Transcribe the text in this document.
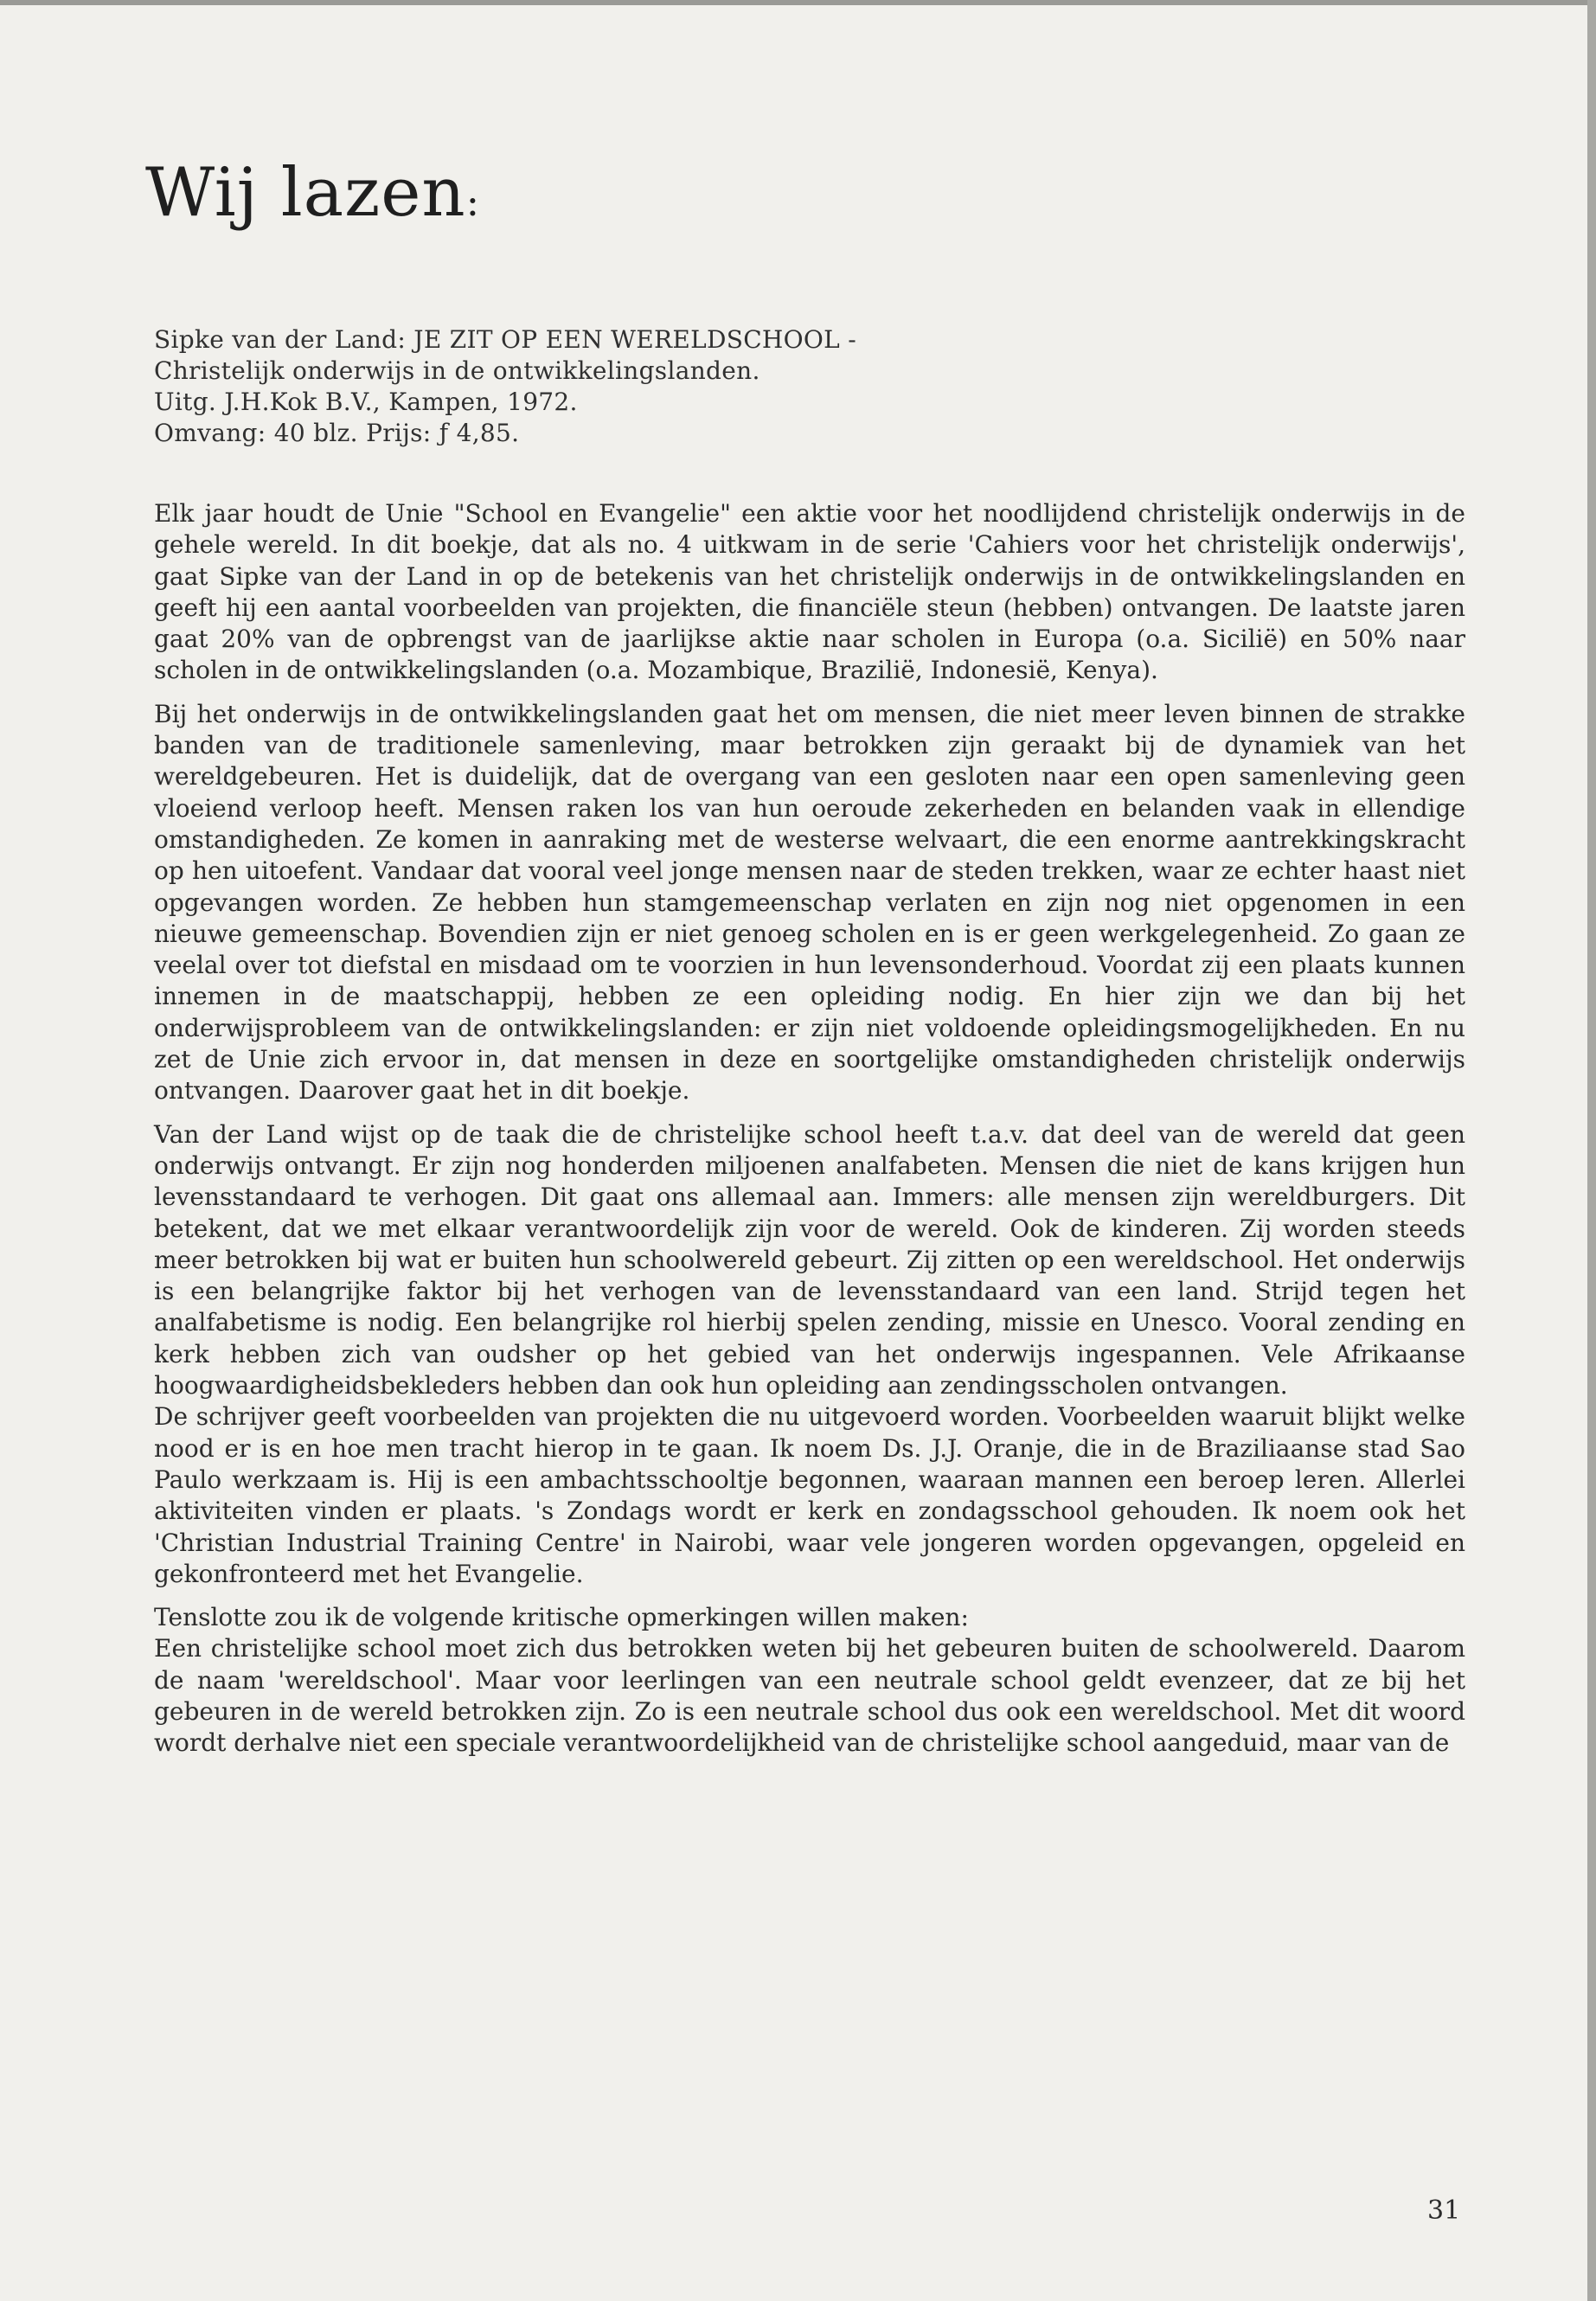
Wij lazen:
Sipke van der Land: JE ZIT OP EEN WERELDSCHOOL -
Christelijk onderwijs in de ontwikkelingslanden.
Uitg. J.H.Kok B.V., Kampen, 1972.
Omvang: 40 blz. Prijs: ƒ 4,85.

Elk jaar houdt de Unie "School en Evangelie" een aktie voor het noodlijdend christelijk onderwijs in de gehele wereld. In dit boekje, dat als no. 4 uitkwam in de serie 'Cahiers voor het christelijk onderwijs', gaat Sipke van der Land in op de betekenis van het christelijk onderwijs in de ontwikkelingslanden en geeft hij een aantal voorbeelden van projekten, die financiële steun (hebben) ontvangen. De laatste jaren gaat 20% van de opbrengst van de jaarlijkse aktie naar scholen in Europa (o.a. Sicilië) en 50% naar scholen in de ontwikkelingslanden (o.a. Mozambique, Brazilië, Indonesië, Kenya).

Bij het onderwijs in de ontwikkelingslanden gaat het om mensen, die niet meer leven binnen de strakke banden van de traditionele samenleving, maar betrokken zijn geraakt bij de dynamiek van het wereldgebeuren. Het is duidelijk, dat de overgang van een gesloten naar een open samenleving geen vloeiend verloop heeft. Mensen raken los van hun oeroude zekerheden en belanden vaak in ellendige omstandigheden. Ze komen in aanraking met de westerse welvaart, die een enorme aantrekkingskracht op hen uitoefent. Vandaar dat vooral veel jonge mensen naar de steden trekken, waar ze echter haast niet opgevangen worden. Ze hebben hun stamgemeenschap verlaten en zijn nog niet opgenomen in een nieuwe gemeenschap. Bovendien zijn er niet genoeg scholen en is er geen werkgelegenheid. Zo gaan ze veelal over tot diefstal en misdaad om te voorzien in hun levensonderhoud. Voordat zij een plaats kunnen innemen in de maatschappij, hebben ze een opleiding nodig. En hier zijn we dan bij het onderwijsprobleem van de ontwikkelingslanden: er zijn niet voldoende opleidingsmogelijkheden. En nu zet de Unie zich ervoor in, dat mensen in deze en soortgelijke omstandigheden christelijk onderwijs ontvangen. Daarover gaat het in dit boekje.

Van der Land wijst op de taak die de christelijke school heeft t.a.v. dat deel van de wereld dat geen onderwijs ontvangt. Er zijn nog honderden miljoenen analfabeten. Mensen die niet de kans krijgen hun levensstandaard te verhogen. Dit gaat ons allemaal aan. Immers: alle mensen zijn wereldburgers. Dit betekent, dat we met elkaar verantwoordelijk zijn voor de wereld. Ook de kinderen. Zij worden steeds meer betrokken bij wat er buiten hun schoolwereld gebeurt. Zij zitten op een wereldschool. Het onderwijs is een belangrijke faktor bij het verhogen van de levensstandaard van een land. Strijd tegen het analfabetisme is nodig. Een belangrijke rol hierbij spelen zending, missie en Unesco. Vooral zending en kerk hebben zich van oudsher op het gebied van het onderwijs ingespannen. Vele Afrikaanse hoogwaardigheidsbekleders hebben dan ook hun opleiding aan zendingsscholen ontvangen.

De schrijver geeft voorbeelden van projekten die nu uitgevoerd worden. Voorbeelden waaruit blijkt welke nood er is en hoe men tracht hierop in te gaan. Ik noem Ds. J.J. Oranje, die in de Braziliaanse stad Sao Paulo werkzaam is. Hij is een ambachtsschooltje begonnen, waaraan mannen een beroep leren. Allerlei aktiviteiten vinden er plaats. 's Zondags wordt er kerk en zondagsschool gehouden. Ik noem ook het 'Christian Industrial Training Centre' in Nairobi, waar vele jongeren worden opgevangen, opgeleid en gekonfronteerd met het Evangelie.

Tenslotte zou ik de volgende kritische opmerkingen willen maken:

Een christelijke school moet zich dus betrokken weten bij het gebeuren buiten de schoolwereld. Daarom de naam 'wereldschool'. Maar voor leerlingen van een neutrale school geldt evenzeer, dat ze bij het gebeuren in de wereld betrokken zijn. Zo is een neutrale school dus ook een wereldschool. Met dit woord wordt derhalve niet een speciale verantwoordelijkheid van de christelijke school aangeduid, maar van de

31
